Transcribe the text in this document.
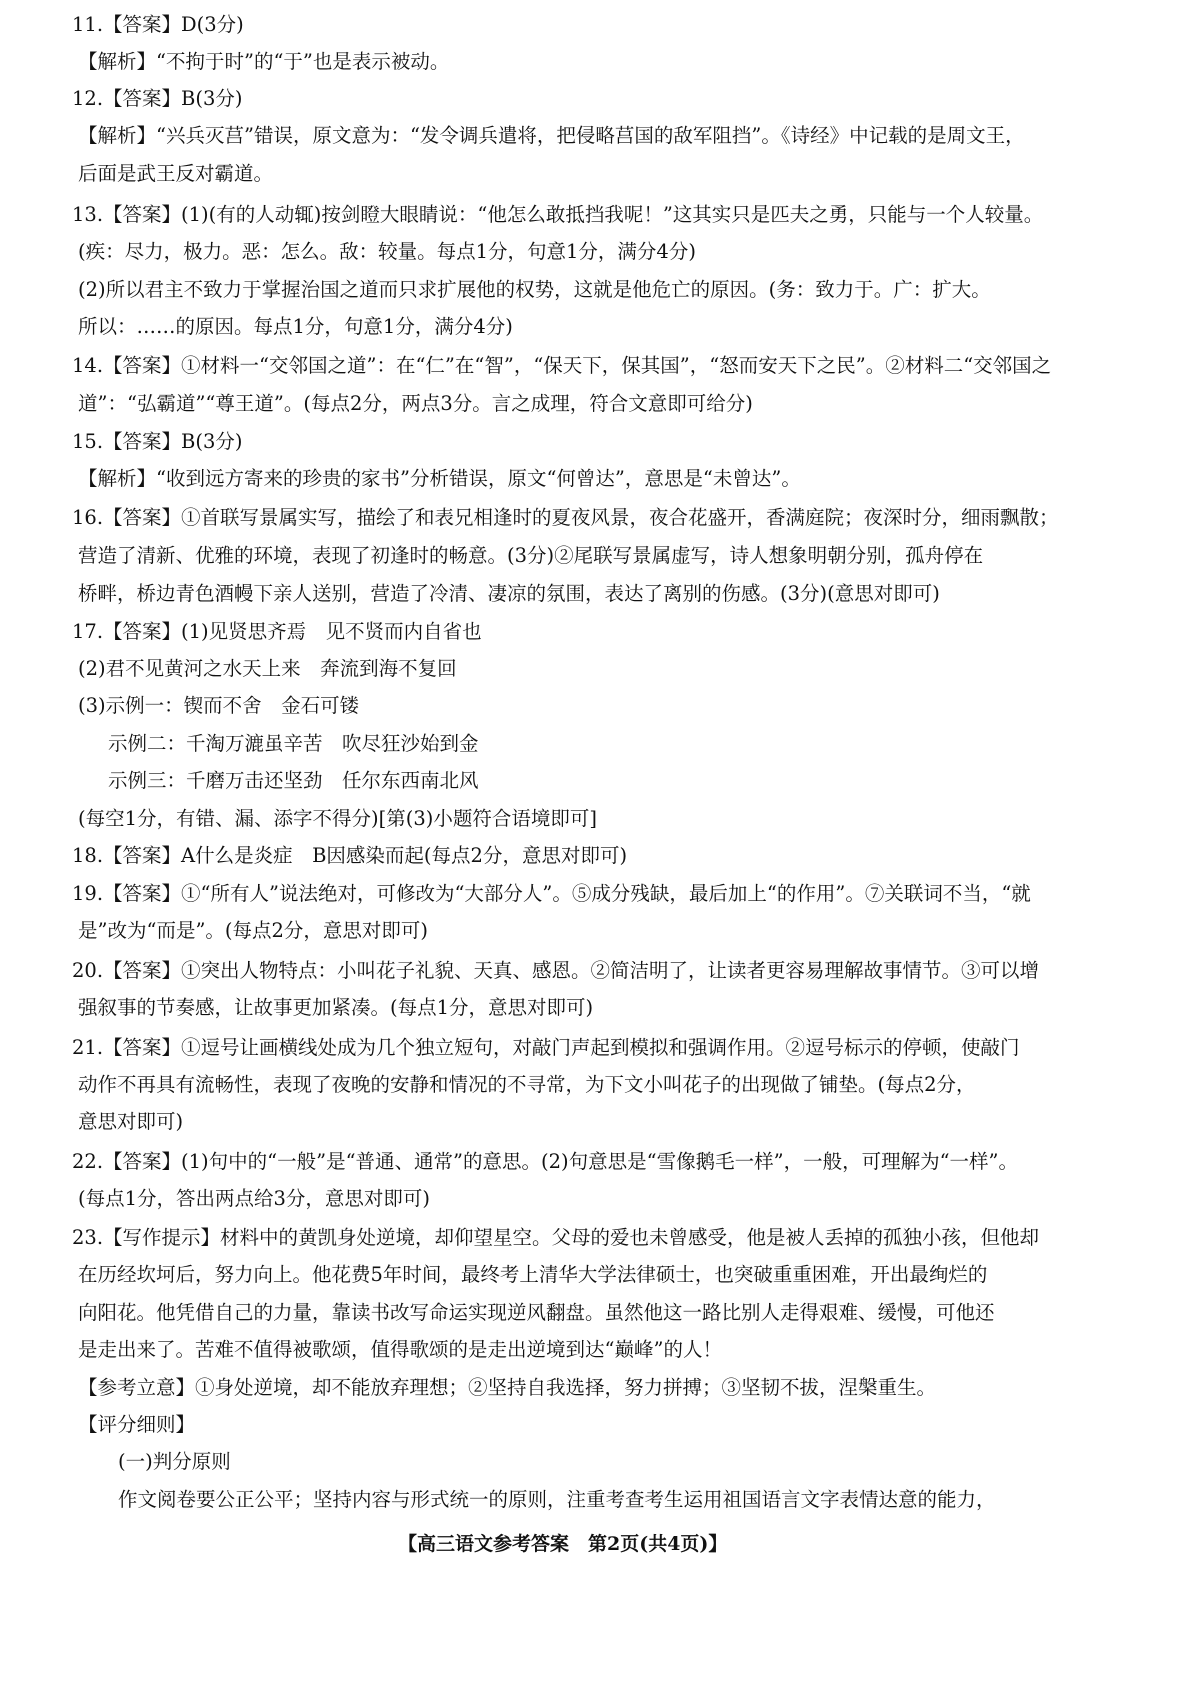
11.【答案】D(3分)
【解析】“不拘于时”的“于”也是表示被动。
12.【答案】B(3分)
【解析】“兴兵灭莒”错误，原文意为：“发令调兵遣将，把侵略莒国的敌军阻挡”。《诗经》中记载的是周文王，
后面是武王反对霸道。
13.【答案】(1)(有的人动辄)按剑瞪大眼睛说：“他怎么敢抵挡我呢！”这其实只是匹夫之勇，只能与一个人较量。
(疾：尽力，极力。恶：怎么。敌：较量。每点1分，句意1分，满分4分)
(2)所以君主不致力于掌握治国之道而只求扩展他的权势，这就是他危亡的原因。(务：致力于。广：扩大。
所以：……的原因。每点1分，句意1分，满分4分)
14.【答案】①材料一“交邻国之道”：在“仁”在“智”，“保天下，保其国”，“怒而安天下之民”。②材料二“交邻国之
道”：“弘霸道”“尊王道”。(每点2分，两点3分。言之成理，符合文意即可给分)
15.【答案】B(3分)
【解析】“收到远方寄来的珍贵的家书”分析错误，原文“何曾达”，意思是“未曾达”。
16.【答案】①首联写景属实写，描绘了和表兄相逢时的夏夜风景，夜合花盛开，香满庭院；夜深时分，细雨飘散；
营造了清新、优雅的环境，表现了初逢时的畅意。(3分)②尾联写景属虚写，诗人想象明朝分别，孤舟停在
桥畔，桥边青色酒幔下亲人送别，营造了冷清、凄凉的氛围，表达了离别的伤感。(3分)(意思对即可)
17.【答案】(1)见贤思齐焉　见不贤而内自省也
(2)君不见黄河之水天上来　奔流到海不复回
(3)示例一：锲而不舍　金石可镂
示例二：千淘万漉虽辛苦　吹尽狂沙始到金
示例三：千磨万击还坚劲　任尔东西南北风
(每空1分，有错、漏、添字不得分)[第(3)小题符合语境即可]
18.【答案】A什么是炎症　B因感染而起(每点2分，意思对即可)
19.【答案】①“所有人”说法绝对，可修改为“大部分人”。⑤成分残缺，最后加上“的作用”。⑦关联词不当，“就
是”改为“而是”。(每点2分，意思对即可)
20.【答案】①突出人物特点：小叫花子礼貌、天真、感恩。②简洁明了，让读者更容易理解故事情节。③可以增
强叙事的节奏感，让故事更加紧凑。(每点1分，意思对即可)
21.【答案】①逗号让画横线处成为几个独立短句，对敲门声起到模拟和强调作用。②逗号标示的停顿，使敲门
动作不再具有流畅性，表现了夜晚的安静和情况的不寻常，为下文小叫花子的出现做了铺垫。(每点2分，
意思对即可)
22.【答案】(1)句中的“一般”是“普通、通常”的意思。(2)句意思是“雪像鹅毛一样”，一般，可理解为“一样”。
(每点1分，答出两点给3分，意思对即可)
23.【写作提示】材料中的黄凯身处逆境，却仰望星空。父母的爱也未曾感受，他是被人丢掉的孤独小孩，但他却
在历经坎坷后，努力向上。他花费5年时间，最终考上清华大学法律硕士，也突破重重困难，开出最绚烂的
向阳花。他凭借自己的力量，靠读书改写命运实现逆风翻盘。虽然他这一路比别人走得艰难、缓慢，可他还
是走出来了。苦难不值得被歌颂，值得歌颂的是走出逆境到达“巅峰”的人！
【参考立意】①身处逆境，却不能放弃理想；②坚持自我选择，努力拼搏；③坚韧不拔，涅槃重生。
【评分细则】
(一)判分原则
作文阅卷要公正公平；坚持内容与形式统一的原则，注重考查考生运用祖国语言文字表情达意的能力，
【高三语文参考答案　第2页(共4页)】
